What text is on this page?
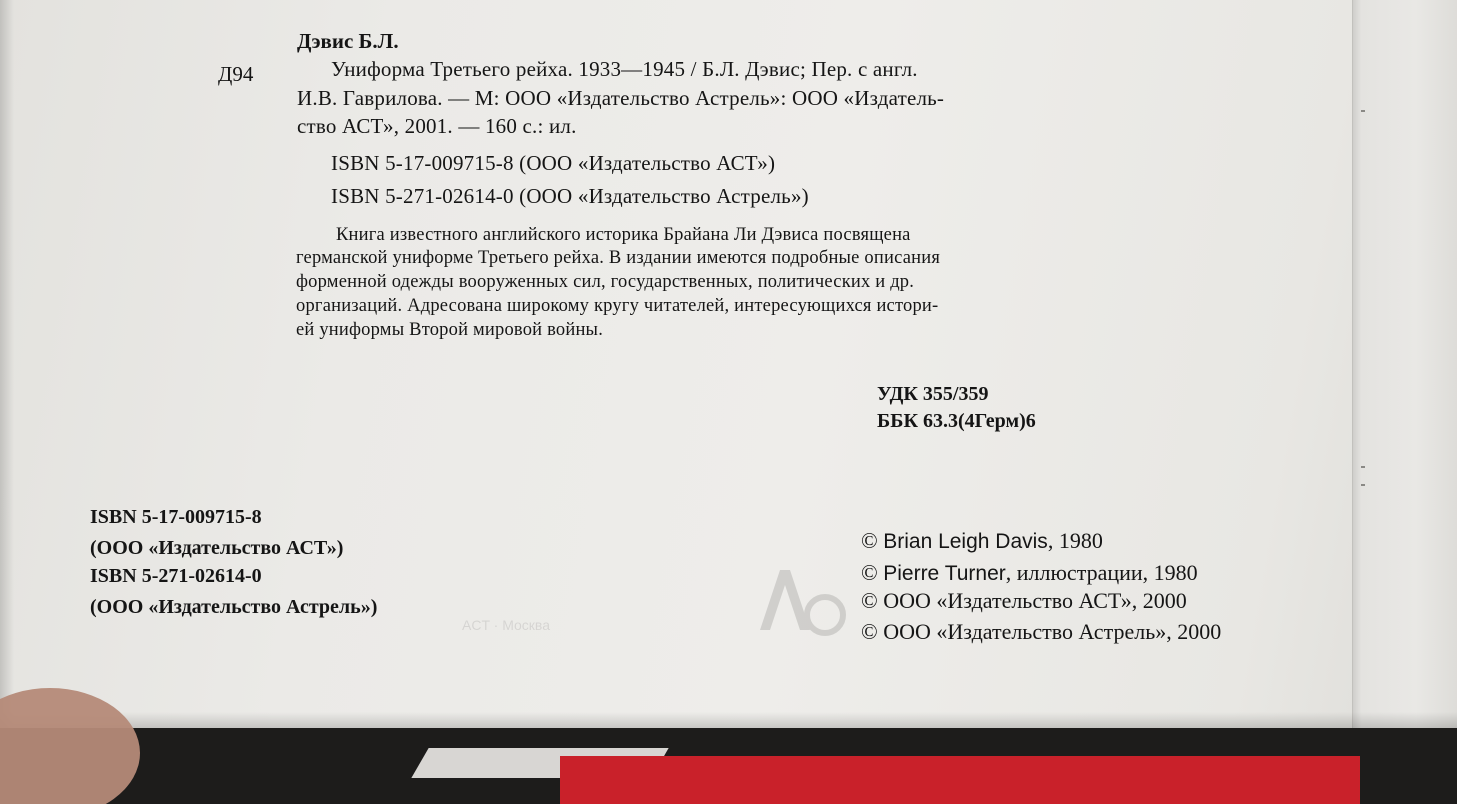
ACT · Москва
Дэвис Б.Л.
Д94	Униформа Третьего рейха. 1933—1945 / Б.Л. Дэвис; Пер. с англ.
И.В. Гаврилова. — М: ООО «Издательство Астрель»: ООО «Издатель-
ство АСТ», 2001. — 160 с.: ил.
ISBN 5-17-009715-8 (ООО «Издательство АСТ»)
ISBN 5-271-02614-0 (ООО «Издательство Астрель»)
Книга известного английского историка Брайана Ли Дэвиса посвящена
германской униформе Третьего рейха. В издании имеются подробные описания
форменной одежды вооруженных сил, государственных, политических и др.
организаций. Адресована широкому кругу читателей, интересующихся истори-
ей униформы Второй мировой войны.
УДК 355/359
ББК 63.3(4Герм)6
ISBN 5-17-009715-8
(ООО «Издательство АСТ»)
ISBN 5-271-02614-0
(ООО «Издательство Астрель»)
© Brian Leigh Davis, 1980
© Pierre Turner, иллюстрации, 1980
© ООО «Издательство АСТ», 2000
© ООО «Издательство Астрель», 2000
